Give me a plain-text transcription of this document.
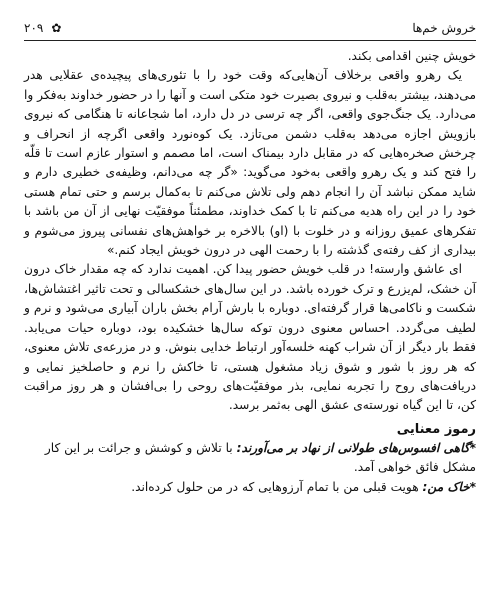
خروش خم‌ها
✿
۲۰۹

خویش چنین اقدامی بکند.

یک رهرو واقعی برخلاف آن‌هایی‌که وقت خود را با تئوری‌های پیچیده‌ی عقلایی هدر می‌دهند، بیشتر به‌قلب و نیروی بصیرت خود متکی است و آنها را در حضور خداوند به‌فکر وا می‌دارد. یک جنگ‌جوی واقعی، اگر چه ترسی در دل دارد، اما شجاعانه تا هنگامی که نیروی بازویش اجازه می‌دهد به‌قلب دشمن می‌تازد. یک کوه‌نورد واقعی اگرچه از انحراف و چرخش صخره‌هایی که در مقابل دارد بیمناک است، اما مصمم و استوار عازم است تا قلّه را فتح کند و یک رهرو واقعی به‌خود می‌گوید: «گر چه می‌دانم، وظیفه‌ی خطیری دارم و شاید ممکن نباشد آن را انجام دهم ولی تلاش می‌کنم تا به‌کمال برسم و حتی تمام هستی خود را در این راه هدیه می‌کنم تا با کمک خداوند، مطمئناً موفقیّت نهایی از آن من باشد با تفکرهای عمیق روزانه و در خلوت با (او) بالاخره بر خواهش‌های نفسانی پیروز می‌شوم و بیداری از کف رفته‌ی گذشته را با رحمت الهی در درون خویش ایجاد کنم.»

ای عاشق وارسته! در قلب خویش حضور پیدا کن. اهمیت ندارد که چه مقدار خاک درون آن خشک، لم‌یزرع و ترک خورده باشد. در این سال‌های خشکسالی و تحت تاثیر اغتشاش‌ها، شکست و ناکامی‌ها قرار گرفته‌ای. دوباره با بارش آرام بخش باران آبیاری می‌شود و نرم و لطیف می‌گردد. احساس معنوی درون توکه سال‌ها خشکیده بود، دوباره حیات می‌یابد. فقط بار دیگر از آن شراب کهنه خلسه‌آور ارتباط خدایی بنوش. و در مزرعه‌ی تلاش معنوی، که هر روز با شور و شوق زیاد مشغول هستی، تا خاکش را نرم و حاصلخیز نمایی و دریافت‌های روح را تجربه نمایی، بذر موفقیّت‌های روحی را بی‌افشان و هر روز مراقبت کن، تا این گیاه نورسته‌ی عشق الهی به‌ثمر برسد.

رموز معنایی

*گاهی افسوس‌های طولانی از نهاد بر می‌آورند: با تلاش و کوشش و جرائت بر این کار مشکل فائق خواهی آمد.

*خاک من: هویت قبلی من با تمام آرزوهایی که در من حلول کرده‌اند.
